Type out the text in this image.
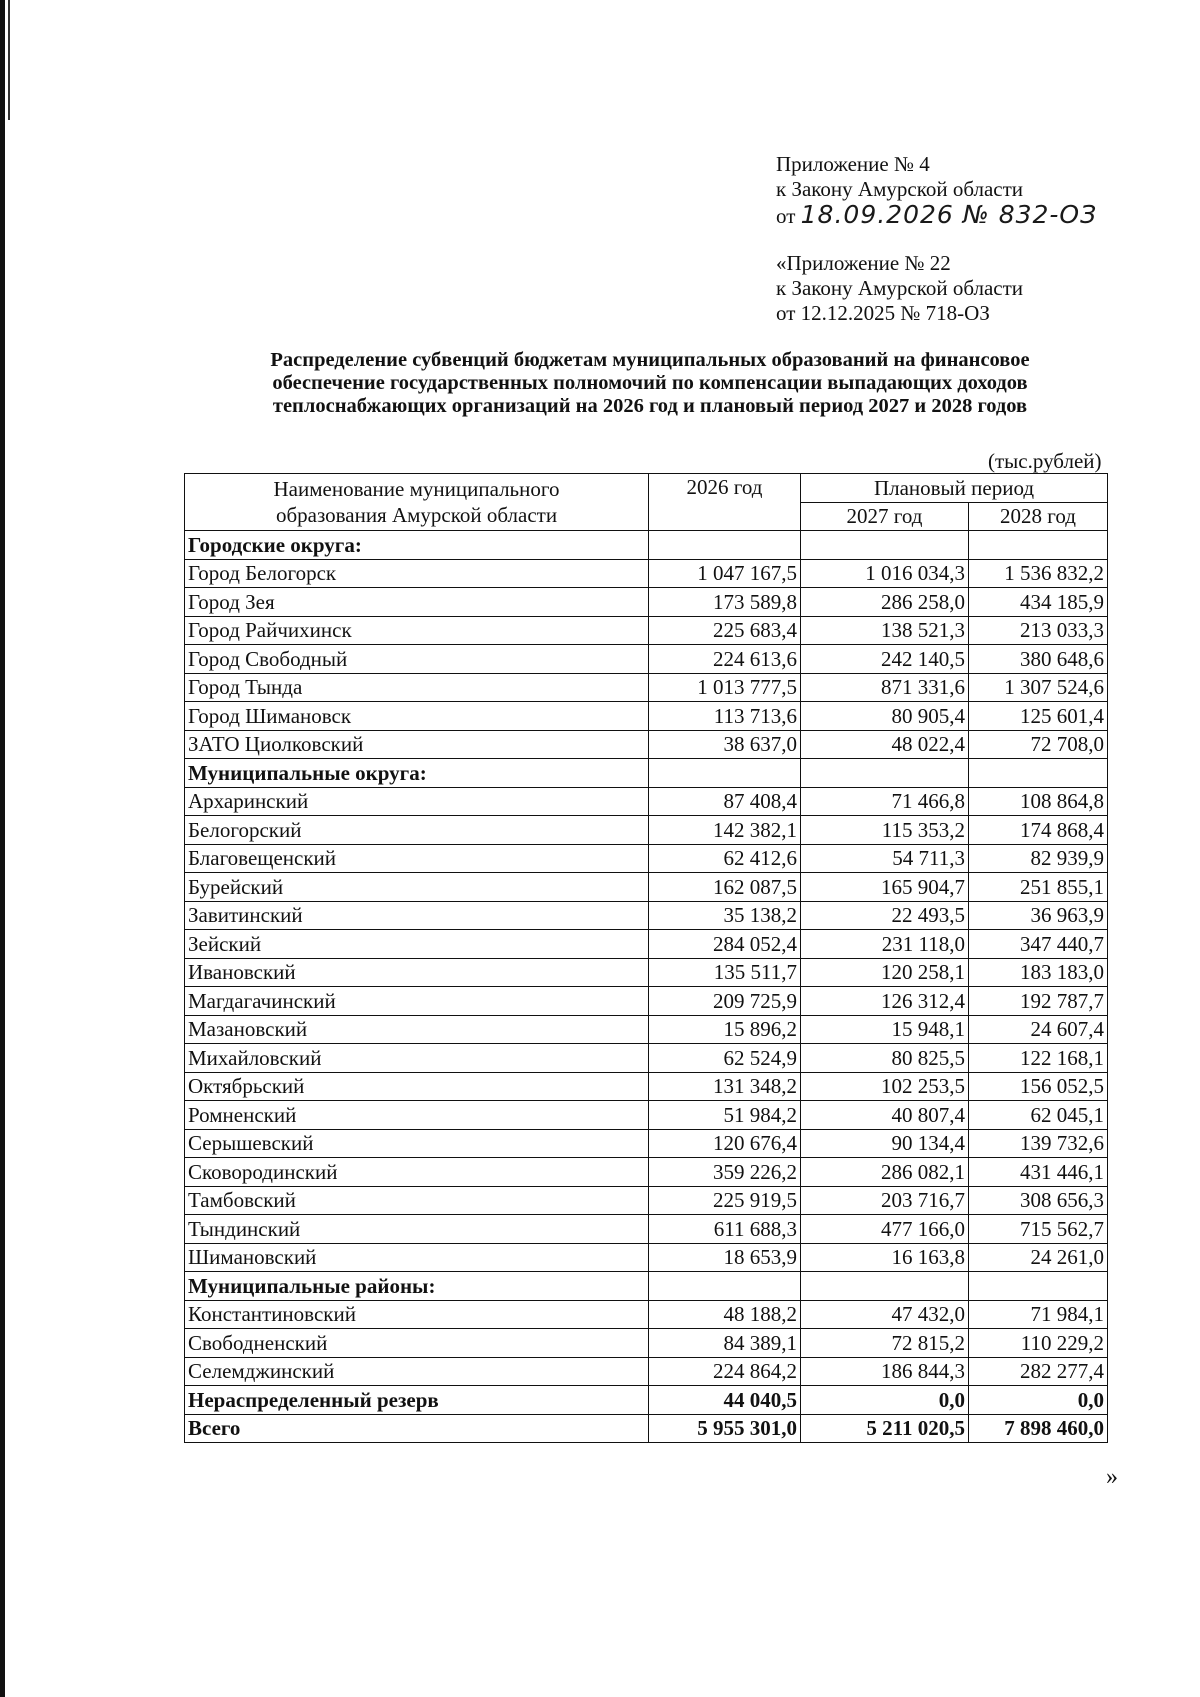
Приложение № 4
к Закону Амурской области
от 18.09.2026 № 832-ОЗ
«Приложение № 22
к Закону Амурской области
от 12.12.2025 № 718-ОЗ
Распределение субвенций бюджетам муниципальных образований на финансовое
обеспечение государственных полномочий по компенсации выпадающих доходов
теплоснабжающих организаций на 2026 год и плановый период 2027 и 2028 годов
(тыс.рублей)
Наименование муниципального
образования Амурской области	2026 год	Плановый период	
		2027 год	2028 год
Городские округа:			
Город Белогорск	1 047 167,5	1 016 034,3	1 536 832,2
Город Зея	173 589,8	286 258,0	434 185,9
Город Райчихинск	225 683,4	138 521,3	213 033,3
Город Свободный	224 613,6	242 140,5	380 648,6
Город Тында	1 013 777,5	871 331,6	1 307 524,6
Город Шимановск	113 713,6	80 905,4	125 601,4
ЗАТО Циолковский	38 637,0	48 022,4	72 708,0
Муниципальные округа:			
Архаринский	87 408,4	71 466,8	108 864,8
Белогорский	142 382,1	115 353,2	174 868,4
Благовещенский	62 412,6	54 711,3	82 939,9
Бурейский	162 087,5	165 904,7	251 855,1
Завитинский	35 138,2	22 493,5	36 963,9
Зейский	284 052,4	231 118,0	347 440,7
Ивановский	135 511,7	120 258,1	183 183,0
Магдагачинский	209 725,9	126 312,4	192 787,7
Мазановский	15 896,2	15 948,1	24 607,4
Михайловский	62 524,9	80 825,5	122 168,1
Октябрьский	131 348,2	102 253,5	156 052,5
Ромненский	51 984,2	40 807,4	62 045,1
Серышевский	120 676,4	90 134,4	139 732,6
Сковородинский	359 226,2	286 082,1	431 446,1
Тамбовский	225 919,5	203 716,7	308 656,3
Тындинский	611 688,3	477 166,0	715 562,7
Шимановский	18 653,9	16 163,8	24 261,0
Муниципальные районы:			
Константиновский	48 188,2	47 432,0	71 984,1
Свободненский	84 389,1	72 815,2	110 229,2
Селемджинский	224 864,2	186 844,3	282 277,4
Нераспределенный резерв	44 040,5	0,0	0,0
Всего	5 955 301,0	5 211 020,5	7 898 460,0
»
